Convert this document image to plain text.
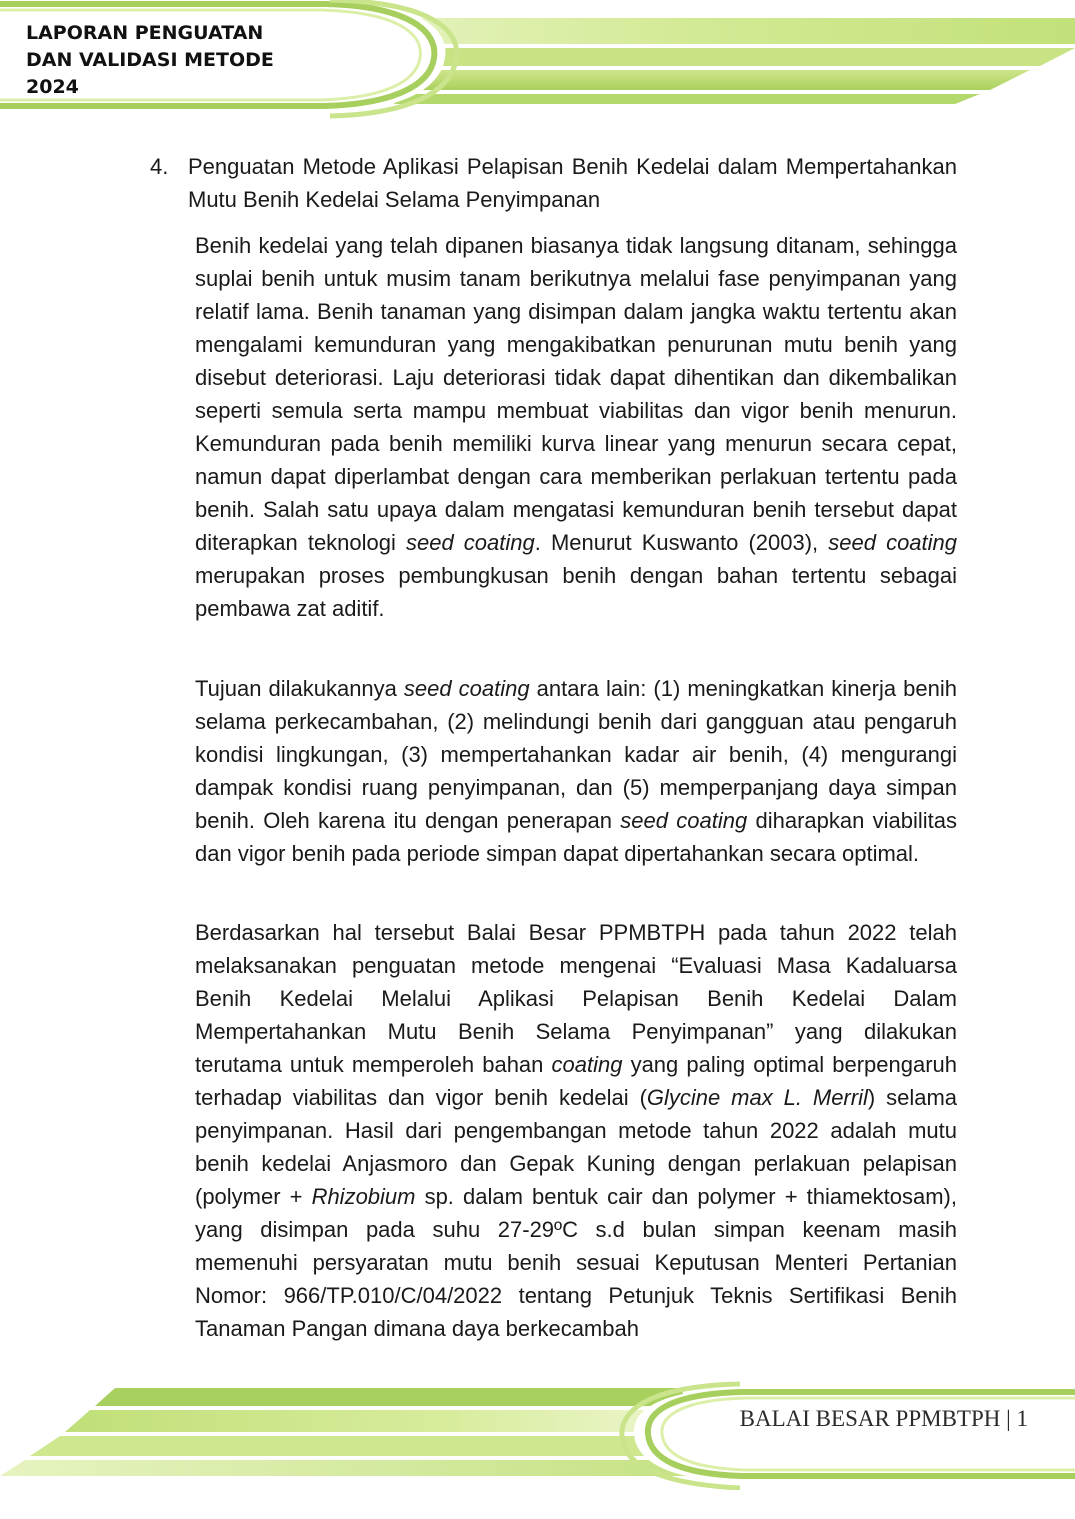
LAPORAN PENGUATAN
DAN VALIDASI METODE
2024
4. Penguatan Metode Aplikasi Pelapisan Benih Kedelai dalam Mempertahankan Mutu Benih Kedelai Selama Penyimpanan

Benih kedelai yang telah dipanen biasanya tidak langsung ditanam, sehingga suplai benih untuk musim tanam berikutnya melalui fase penyimpanan yang relatif lama. Benih tanaman yang disimpan dalam jangka waktu tertentu akan mengalami kemunduran yang mengakibatkan penurunan mutu benih yang disebut deteriorasi. Laju deteriorasi tidak dapat dihentikan dan dikembalikan seperti semula serta mampu membuat viabilitas dan vigor benih menurun. Kemunduran pada benih memiliki kurva linear yang menurun secara cepat, namun dapat diperlambat dengan cara memberikan perlakuan tertentu pada benih. Salah satu upaya dalam mengatasi kemunduran benih tersebut dapat diterapkan teknologi seed coating. Menurut Kuswanto (2003), seed coating merupakan proses pembungkusan benih dengan bahan tertentu sebagai pembawa zat aditif.

Tujuan dilakukannya seed coating antara lain: (1) meningkatkan kinerja benih selama perkecambahan, (2) melindungi benih dari gangguan atau pengaruh kondisi lingkungan, (3) mempertahankan kadar air benih, (4) mengurangi dampak kondisi ruang penyimpanan, dan (5) memperpanjang daya simpan benih. Oleh karena itu dengan penerapan seed coating diharapkan viabilitas dan vigor benih pada periode simpan dapat dipertahankan secara optimal.

Berdasarkan hal tersebut Balai Besar PPMBTPH pada tahun 2022 telah melaksanakan penguatan metode mengenai “Evaluasi Masa Kadaluarsa Benih Kedelai Melalui Aplikasi Pelapisan Benih Kedelai Dalam Mempertahankan Mutu Benih Selama Penyimpanan” yang dilakukan terutama untuk memperoleh bahan coating yang paling optimal berpengaruh terhadap viabilitas dan vigor benih kedelai (Glycine max L. Merril) selama penyimpanan. Hasil dari pengembangan metode tahun 2022 adalah mutu benih kedelai Anjasmoro dan Gepak Kuning dengan perlakuan pelapisan (polymer + Rhizobium sp. dalam bentuk cair dan polymer + thiamektosam), yang disimpan pada suhu 27-29ºC s.d bulan simpan keenam masih memenuhi persyaratan mutu benih sesuai Keputusan Menteri Pertanian Nomor: 966/TP.010/C/04/2022 tentang Petunjuk Teknis Sertifikasi Benih Tanaman Pangan dimana daya berkecambah

BALAI BESAR PPMBTPH | 1
